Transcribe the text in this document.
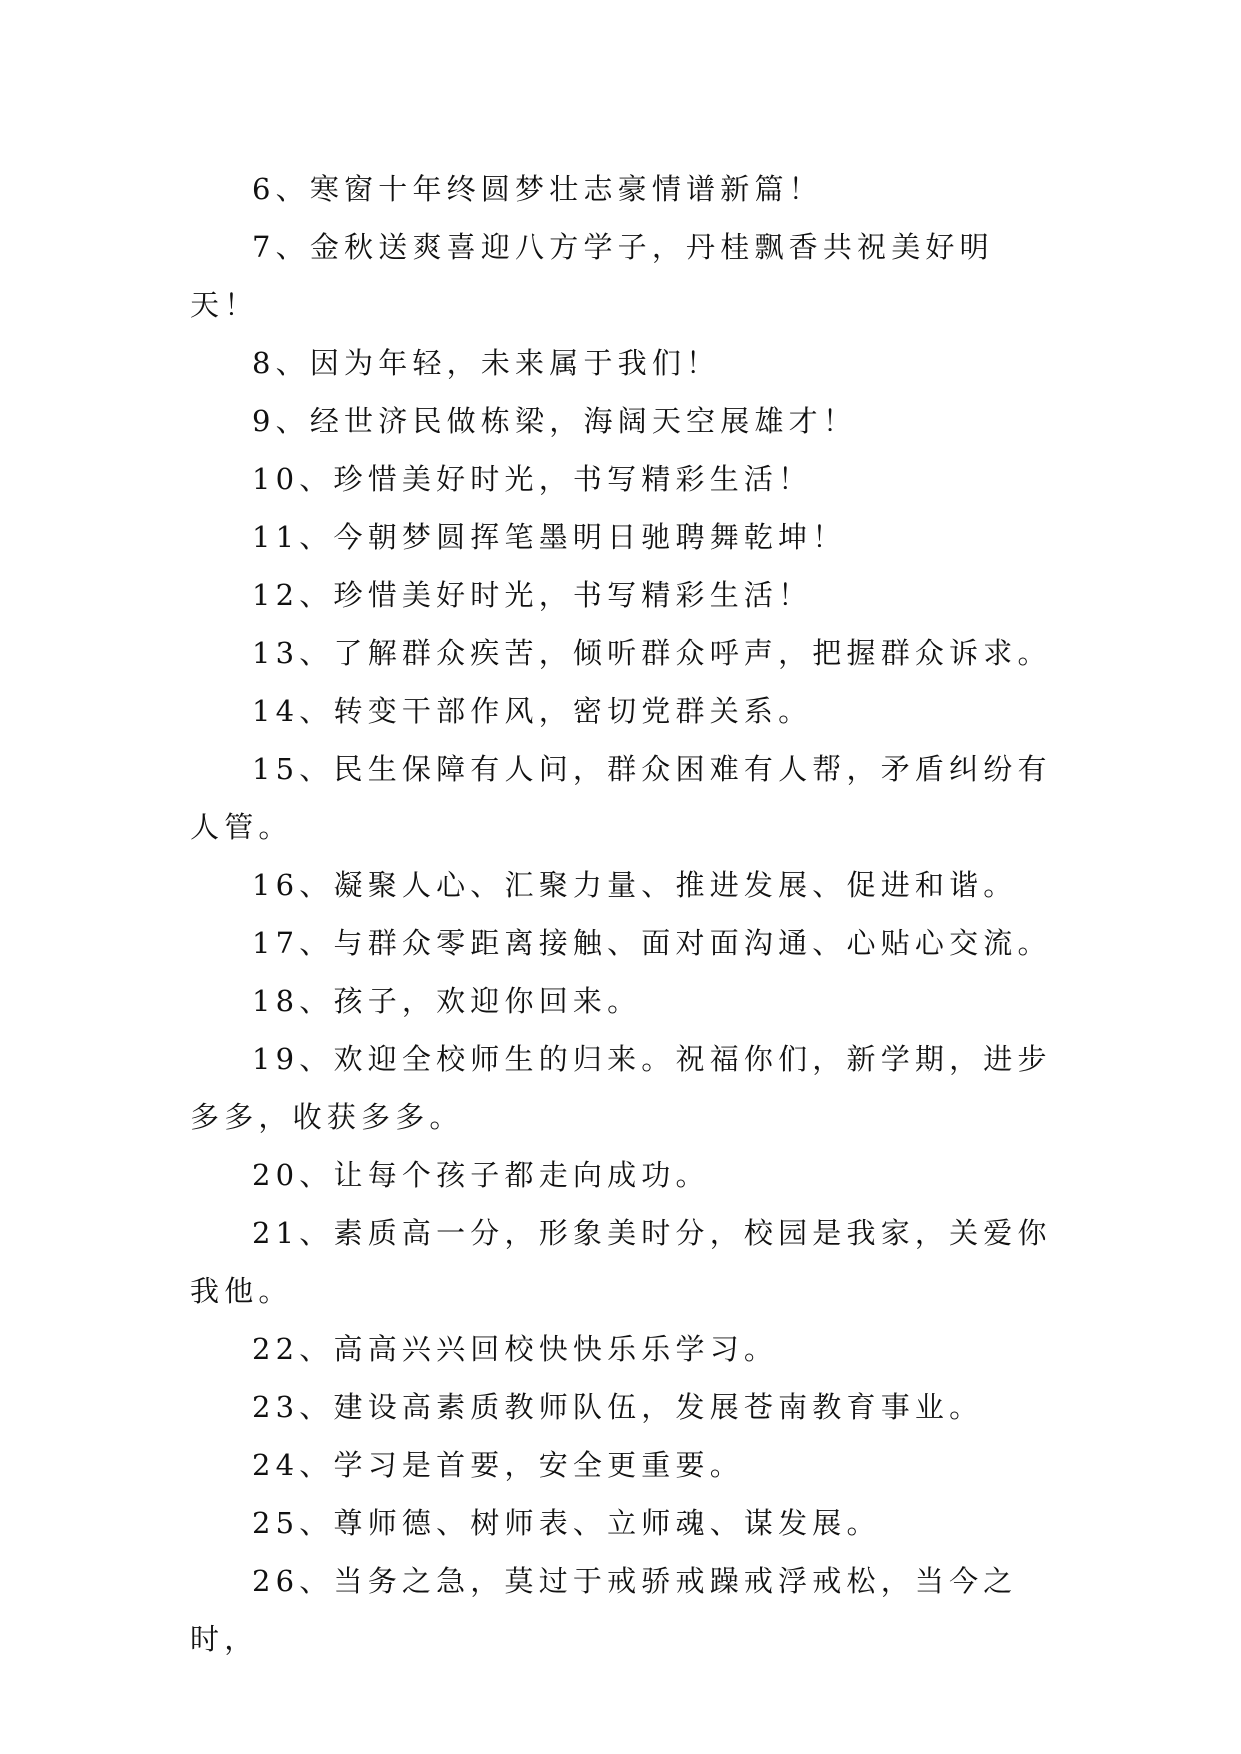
6、寒窗十年终圆梦壮志豪情谱新篇！

7、金秋送爽喜迎八方学子，丹桂飘香共祝美好明天！

8、因为年轻，未来属于我们！

9、经世济民做栋梁，海阔天空展雄才！

10、珍惜美好时光，书写精彩生活！

11、今朝梦圆挥笔墨明日驰聘舞乾坤！

12、珍惜美好时光，书写精彩生活！

13、了解群众疾苦，倾听群众呼声，把握群众诉求。

14、转变干部作风，密切党群关系。

15、民生保障有人问，群众困难有人帮，矛盾纠纷有人管。

16、凝聚人心、汇聚力量、推进发展、促进和谐。

17、与群众零距离接触、面对面沟通、心贴心交流。

18、孩子，欢迎你回来。

19、欢迎全校师生的归来。祝福你们，新学期，进步多多，收获多多。

20、让每个孩子都走向成功。

21、素质高一分，形象美时分，校园是我家，关爱你我他。

22、高高兴兴回校快快乐乐学习。

23、建设高素质教师队伍，发展苍南教育事业。

24、学习是首要，安全更重要。

25、尊师德、树师表、立师魂、谋发展。

26、当务之急，莫过于戒骄戒躁戒浮戒松，当今之时，
